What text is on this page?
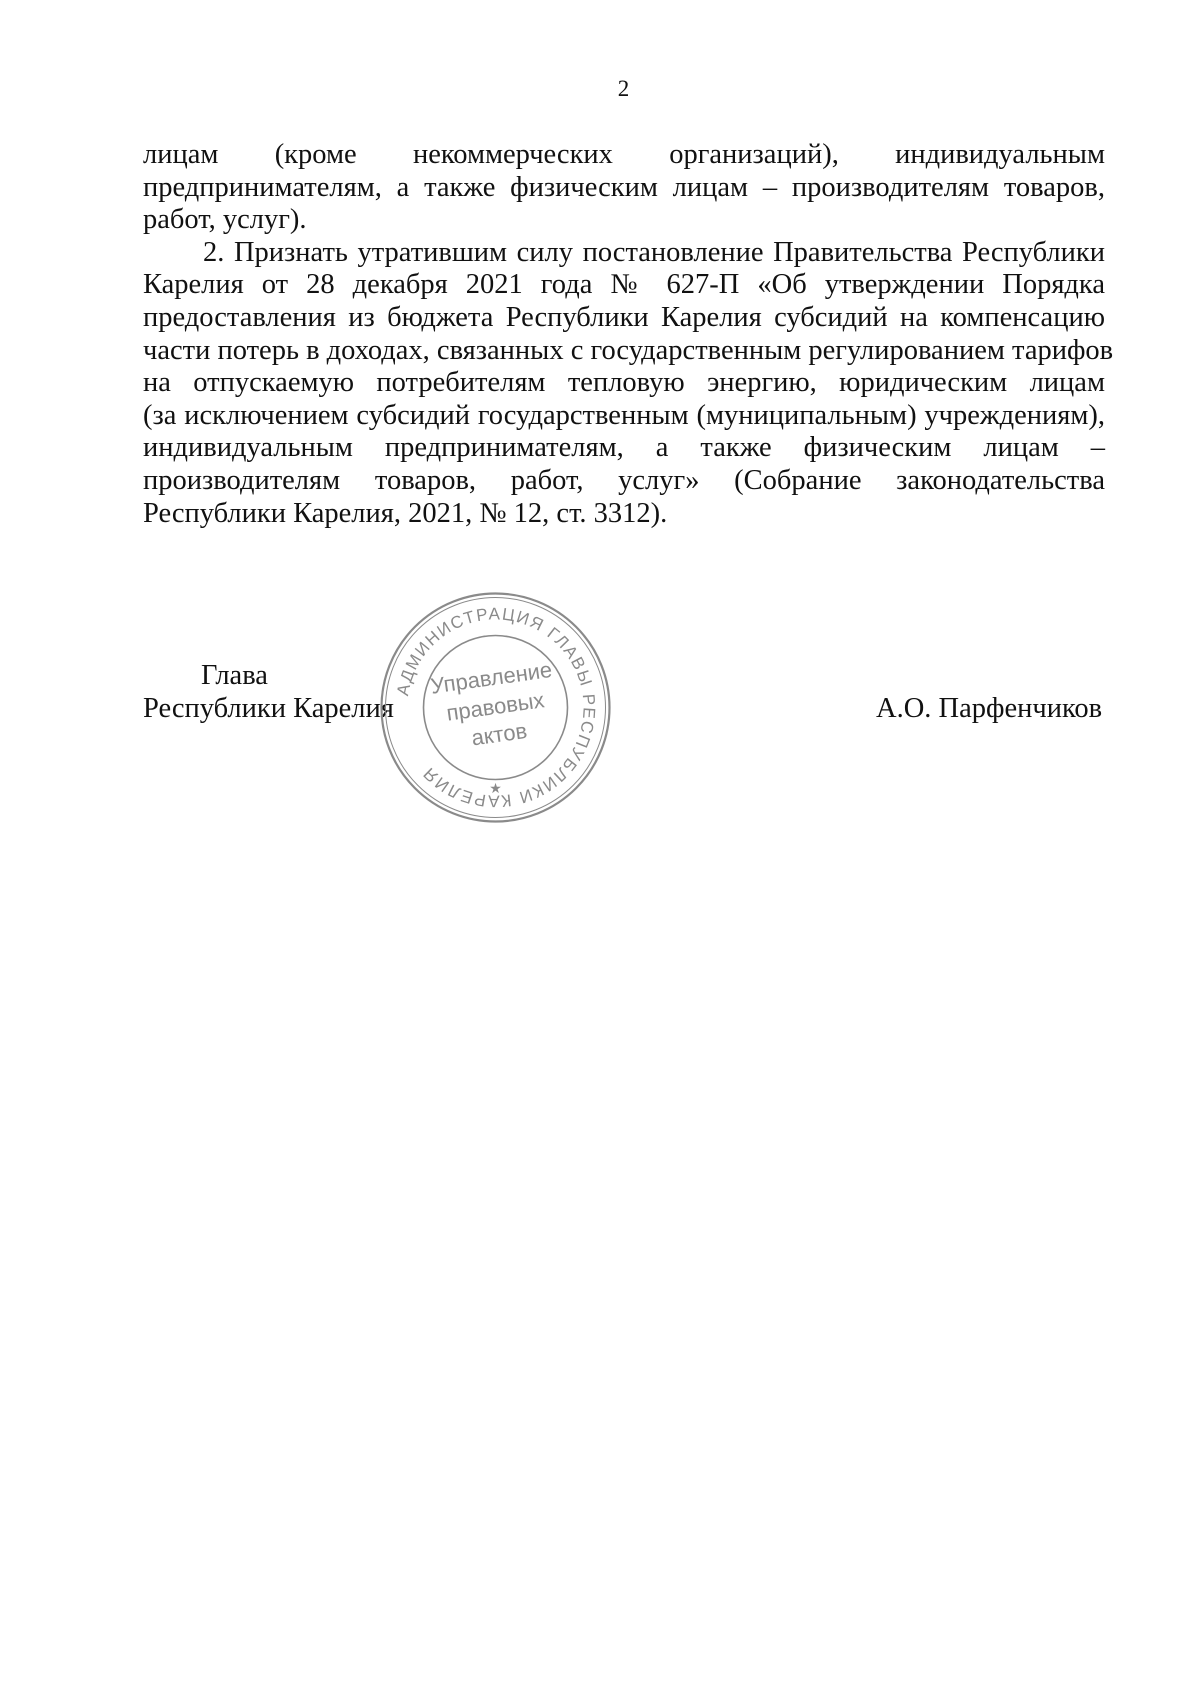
2
лицам (кроме некоммерческих организаций), индивидуальным
предпринимателям, а также физическим лицам – производителям товаров,
работ, услуг).
2. Признать утратившим силу постановление Правительства Республики
Карелия от 28 декабря 2021 года № 627-П «Об утверждении Порядка
предоставления из бюджета Республики Карелия субсидий на компенсацию
части потерь в доходах, связанных с государственным регулированием тарифов
на отпускаемую потребителям тепловую энергию, юридическим лицам
(за исключением субсидий государственным (муниципальным) учреждениям),
индивидуальным предпринимателям, а также физическим лицам –
производителям товаров, работ, услуг» (Собрание законодательства
Республики Карелия, 2021, № 12, ст. 3312).
Глава
Республики Карелия	А.О. Парфенчиков
АДМИНИСТРАЦИЯ ГЛАВЫ РЕСПУБЛИКИ КАРЕЛИЯ
Управление
правовых
актов
★
